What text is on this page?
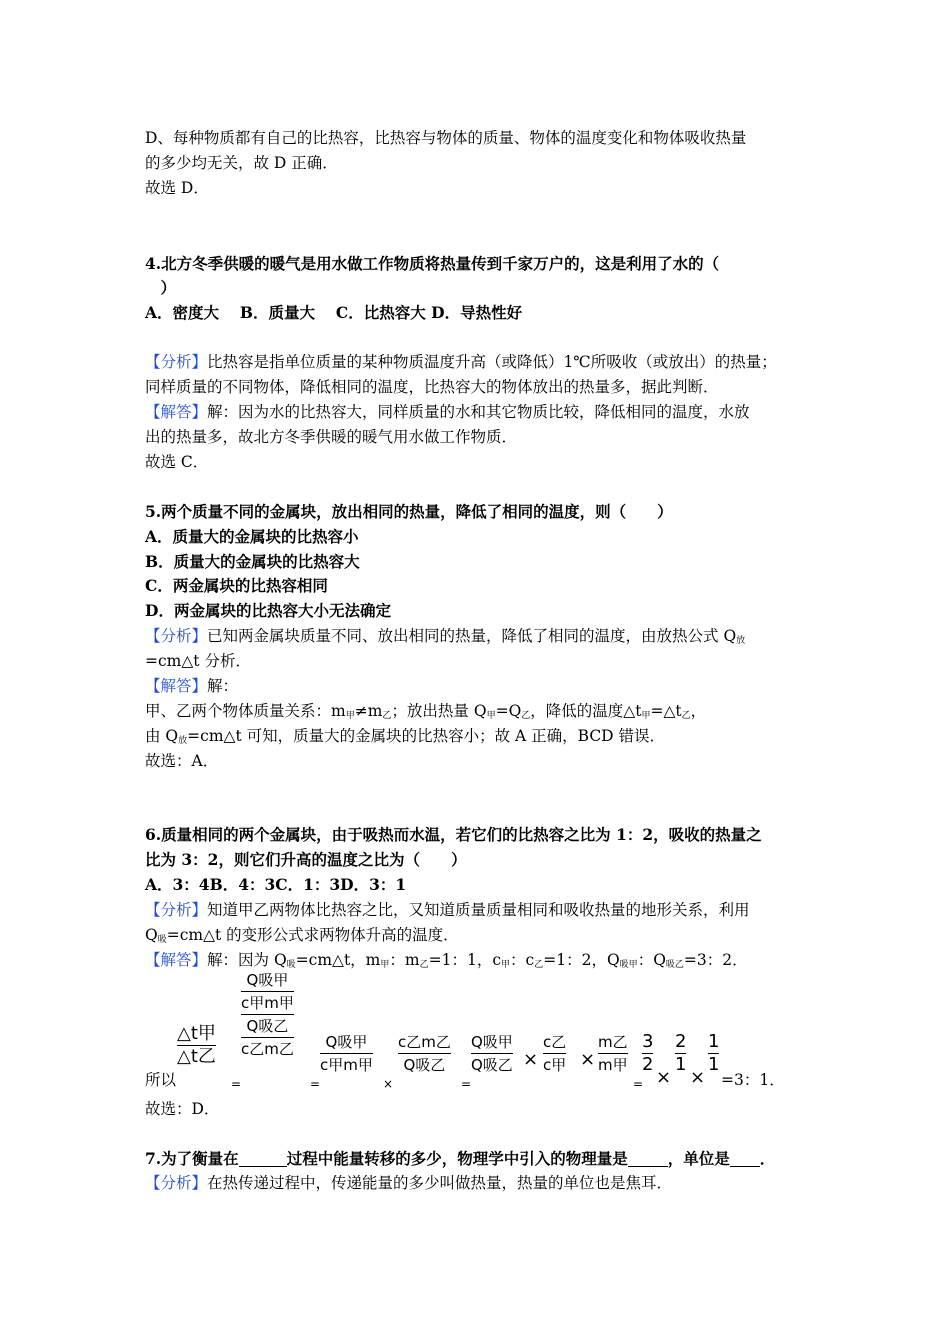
D、每种物质都有自己的比热容，比热容与物体的质量、物体的温度变化和物体吸收热量
的多少均无关，故 D 正确．
故选 D．
4.北方冬季供暖的暖气是用水做工作物质将热量传到千家万户的，这是利用了水的（
　）
A．密度大　 B．质量大　 C．比热容大 D．导热性好
【分析】比热容是指单位质量的某种物质温度升高（或降低）1℃所吸收（或放出）的热量；
同样质量的不同物体，降低相同的温度，比热容大的物体放出的热量多，据此判断．
【解答】解：因为水的比热容大，同样质量的水和其它物质比较，降低相同的温度，水放
出的热量多，故北方冬季供暖的暖气用水做工作物质．
故选 C．
5.两个质量不同的金属块，放出相同的热量，降低了相同的温度，则（　　）
A．质量大的金属块的比热容小
B．质量大的金属块的比热容大
C．两金属块的比热容相同
D．两金属块的比热容大小无法确定
【分析】已知两金属块质量不同、放出相同的热量，降低了相同的温度，由放热公式 $Q_放$
=cm△t 分析．
【解答】解：
甲、乙两个物体质量关系：$m_甲\ne m_乙$；放出热量 $Q_甲=Q_乙$，降低的温度$\triangle t_甲=\triangle t_乙$，
由 $Q_放=cm\triangle t$ 可知，质量大的金属块的比热容小；故 A 正确，BCD 错误．
故选：A．
6.质量相同的两个金属块，由于吸热而水温，若它们的比热容之比为 1：2，吸收的热量之
比为 3：2，则它们升高的温度之比为（　　）
A．3：4B．4：3C．1：3D．3：1
【分析】知道甲乙两物体比热容之比，又知道质量质量相同和吸收热量的地形关系，利用
$Q_吸=cm\triangle t$ 的变形公式求两物体升高的温度．
【解答】解：因为 $Q_吸=cm\triangle t$，$m_甲$：$m_乙=1$：1，$c_甲$：$c_乙=1$：2，$Q_{吸甲}$：$Q_{吸乙}=3$：2．
所以
△t甲
△t乙
=
Q吸甲
c甲m甲
Q吸乙
c乙m乙
=
Q吸甲
c甲m甲
×
c乙m乙
Q吸乙
=
Q吸甲
Q吸乙 ×
c乙
c甲 ×
m乙
m甲
=
3
2
×
2
1
×
1
1
=3：1．
故选：D．
7.为了衡量在	过程中能量转移的多少，物理学中引入的物理量是	，单位是 ．
【分析】在热传递过程中，传递能量的多少叫做热量，热量的单位也是焦耳．
